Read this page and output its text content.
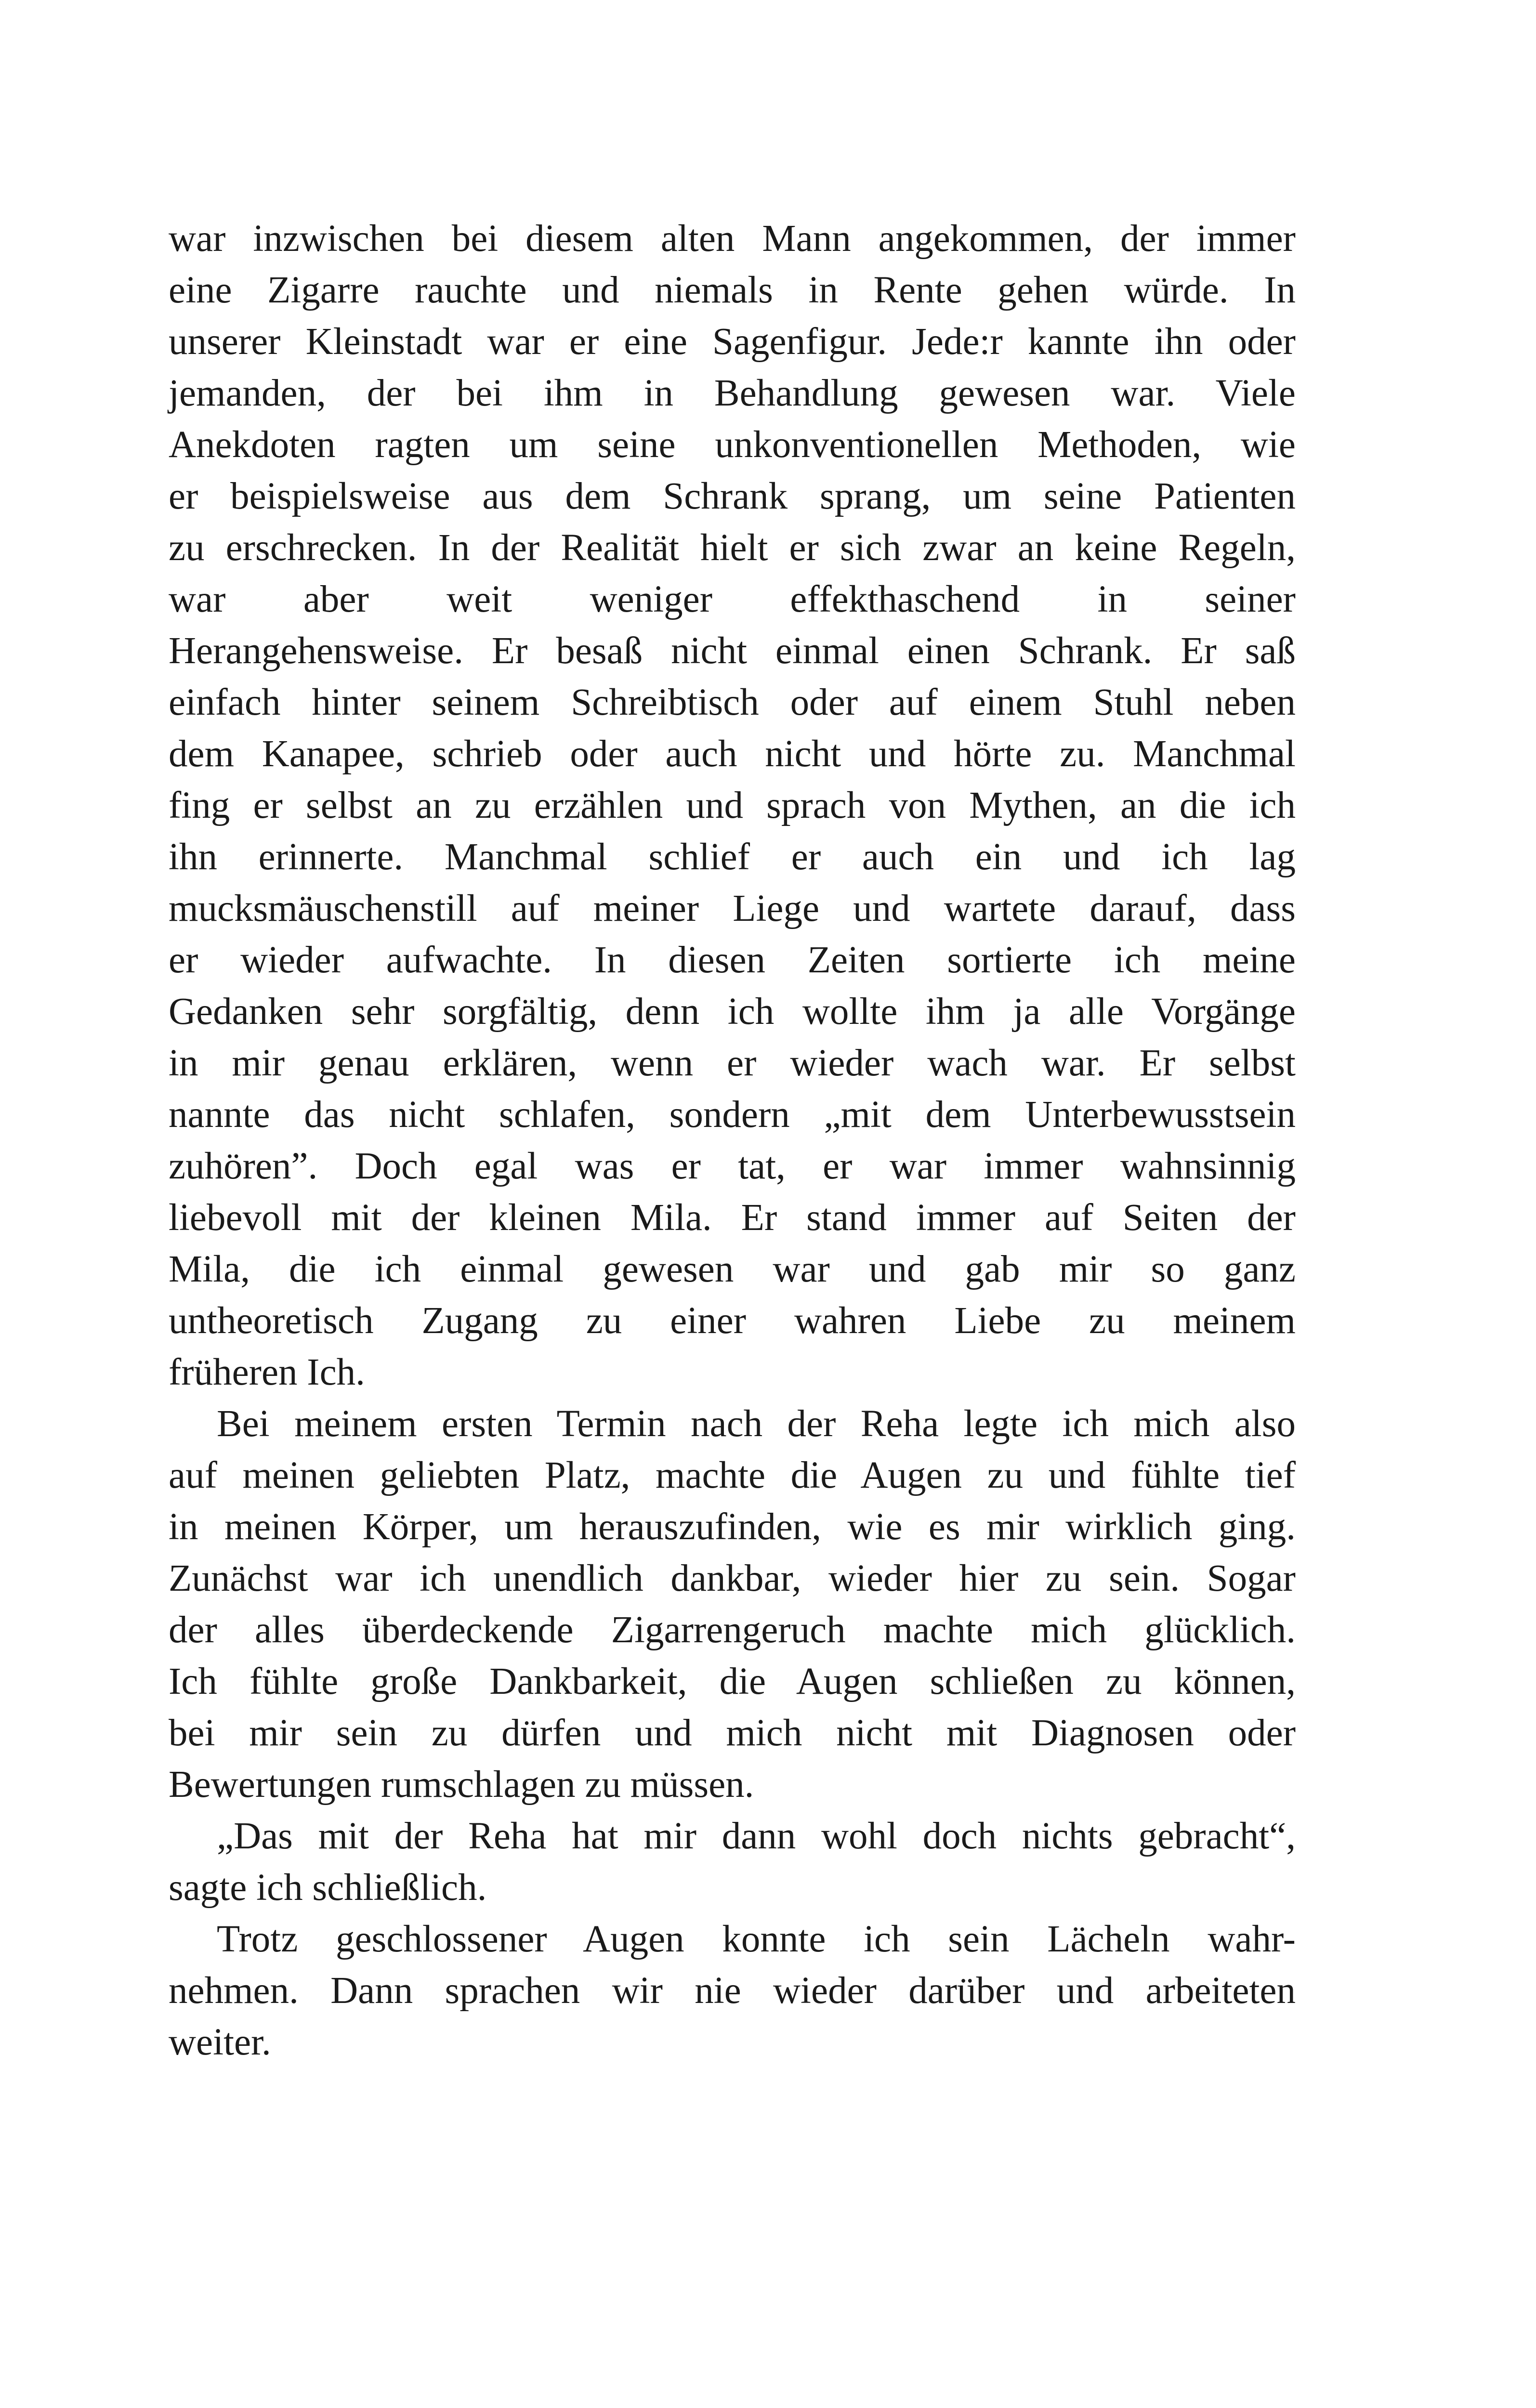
war inzwischen bei diesem alten Mann angekommen, der immer
eine Zigarre rauchte und niemals in Rente gehen würde. In
unserer Kleinstadt war er eine Sagenfigur. Jede:r kannte ihn oder
jemanden, der bei ihm in Behandlung gewesen war. Viele
Anekdoten ragten um seine unkonventionellen Methoden, wie
er beispielsweise aus dem Schrank sprang, um seine Patienten
zu erschrecken. In der Realität hielt er sich zwar an keine Regeln,
war aber weit weniger effekthaschend in seiner
Herangehensweise. Er besaß nicht einmal einen Schrank. Er saß
einfach hinter seinem Schreibtisch oder auf einem Stuhl neben
dem Kanapee, schrieb oder auch nicht und hörte zu. Manchmal
fing er selbst an zu erzählen und sprach von Mythen, an die ich
ihn erinnerte. Manchmal schlief er auch ein und ich lag
mucksmäuschenstill auf meiner Liege und wartete darauf, dass
er wieder aufwachte. In diesen Zeiten sortierte ich meine
Gedanken sehr sorgfältig, denn ich wollte ihm ja alle Vorgänge
in mir genau erklären, wenn er wieder wach war. Er selbst
nannte das nicht schlafen, sondern „mit dem Unterbewusstsein
zuhören”. Doch egal was er tat, er war immer wahnsinnig
liebevoll mit der kleinen Mila. Er stand immer auf Seiten der
Mila, die ich einmal gewesen war und gab mir so ganz
untheoretisch Zugang zu einer wahren Liebe zu meinem
früheren Ich.
Bei meinem ersten Termin nach der Reha legte ich mich also
auf meinen geliebten Platz, machte die Augen zu und fühlte tief
in meinen Körper, um herauszufinden, wie es mir wirklich ging.
Zunächst war ich unendlich dankbar, wieder hier zu sein. Sogar
der alles überdeckende Zigarrengeruch machte mich glücklich.
Ich fühlte große Dankbarkeit, die Augen schließen zu können,
bei mir sein zu dürfen und mich nicht mit Diagnosen oder
Bewertungen rumschlagen zu müssen.
„Das mit der Reha hat mir dann wohl doch nichts gebracht“,
sagte ich schließlich.
Trotz geschlossener Augen konnte ich sein Lächeln wahr-
nehmen. Dann sprachen wir nie wieder darüber und arbeiteten
weiter.
